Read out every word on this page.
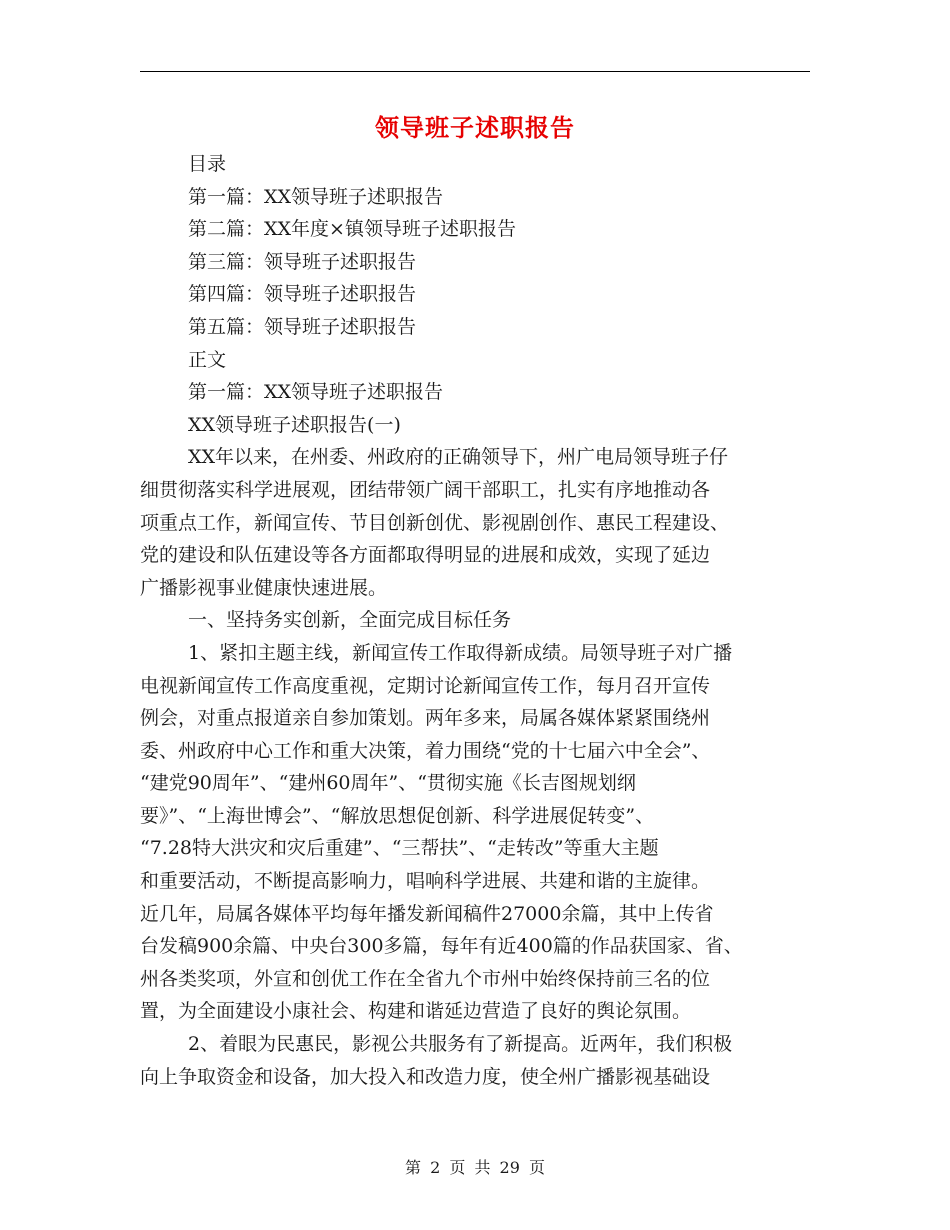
领导班子述职报告
目录
第一篇：XX领导班子述职报告
第二篇：XX年度×镇领导班子述职报告
第三篇：领导班子述职报告
第四篇：领导班子述职报告
第五篇：领导班子述职报告
正文
第一篇：XX领导班子述职报告
XX领导班子述职报告(一)
XX年以来，在州委、州政府的正确领导下，州广电局领导班子仔
细贯彻落实科学进展观，团结带领广阔干部职工，扎实有序地推动各
项重点工作，新闻宣传、节目创新创优、影视剧创作、惠民工程建设、
党的建设和队伍建设等各方面都取得明显的进展和成效，实现了延边
广播影视事业健康快速进展。
一、坚持务实创新，全面完成目标任务
1、紧扣主题主线，新闻宣传工作取得新成绩。局领导班子对广播
电视新闻宣传工作高度重视，定期讨论新闻宣传工作，每月召开宣传
例会，对重点报道亲自参加策划。两年多来，局属各媒体紧紧围绕州
委、州政府中心工作和重大决策，着力围绕“党的十七届六中全会”、
“建党90周年”、“建州60周年”、“贯彻实施《长吉图规划纲
要》”、“上海世博会”、“解放思想促创新、科学进展促转变”、
“7.28特大洪灾和灾后重建”、“三帮扶”、“走转改”等重大主题
和重要活动，不断提高影响力，唱响科学进展、共建和谐的主旋律。
近几年，局属各媒体平均每年播发新闻稿件27000余篇，其中上传省
台发稿900余篇、中央台300多篇，每年有近400篇的作品获国家、省、
州各类奖项，外宣和创优工作在全省九个市州中始终保持前三名的位
置，为全面建设小康社会、构建和谐延边营造了良好的舆论氛围。
2、着眼为民惠民，影视公共服务有了新提高。近两年，我们积极
向上争取资金和设备，加大投入和改造力度，使全州广播影视基础设
第 2 页 共 29 页
